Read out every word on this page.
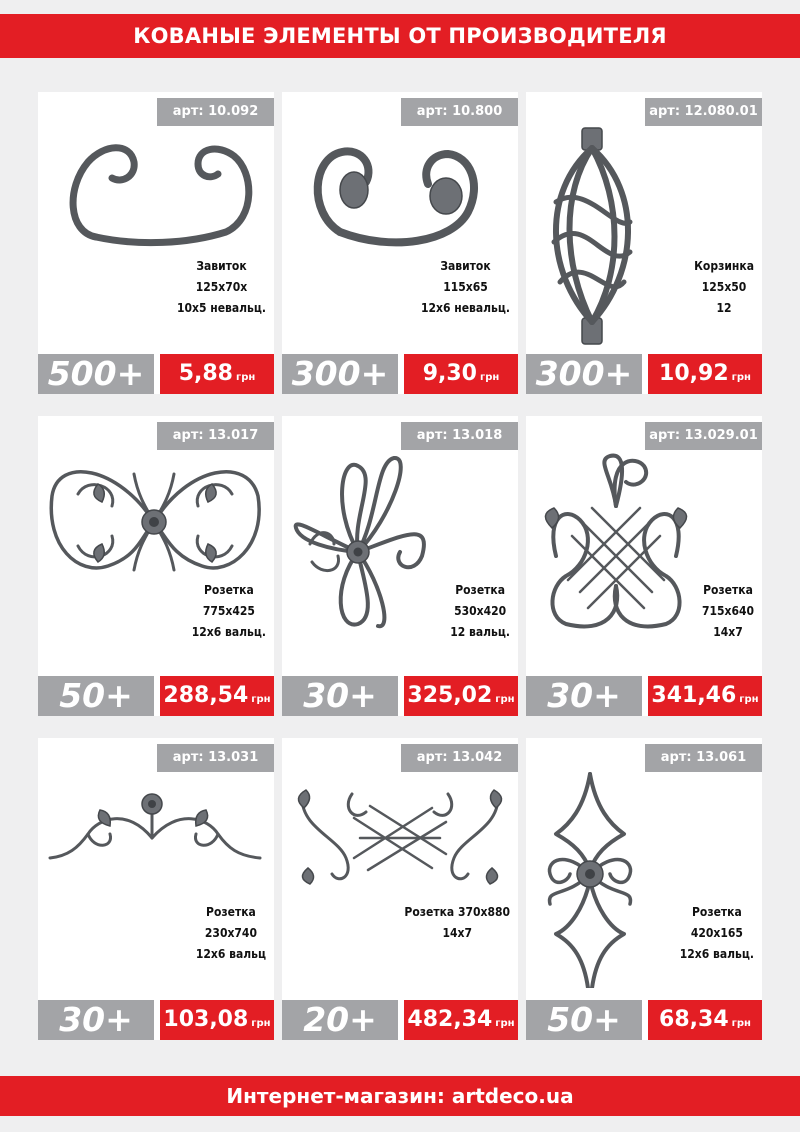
КОВАНЫЕ ЭЛЕМЕНТЫ ОТ ПРОИЗВОДИТЕЛЯ
Завиток
125х70х
10х5 невальц.
арт: 10.092
500+	5,88 грн
Завиток
115х65
12х6 невальц.
арт: 10.800
300+	9,30 грн
Корзинка
125х50
12
арт: 12.080.01
300+	10,92 грн
Розетка
775х425
12х6 вальц.
арт: 13.017
50+	288,54 грн
Розетка
530х420
12 вальц.
арт: 13.018
30+	325,02 грн
Розетка
715х640
14х7
арт: 13.029.01
30+	341,46 грн
Розетка
230х740
12х6 вальц
арт: 13.031
30+	103,08 грн
Розетка 370х880
14х7
арт: 13.042
20+	482,34 грн
Розетка
420х165
12х6 вальц.
арт: 13.061
50+	68,34 грн
Интернет-магазин: artdeco.ua
